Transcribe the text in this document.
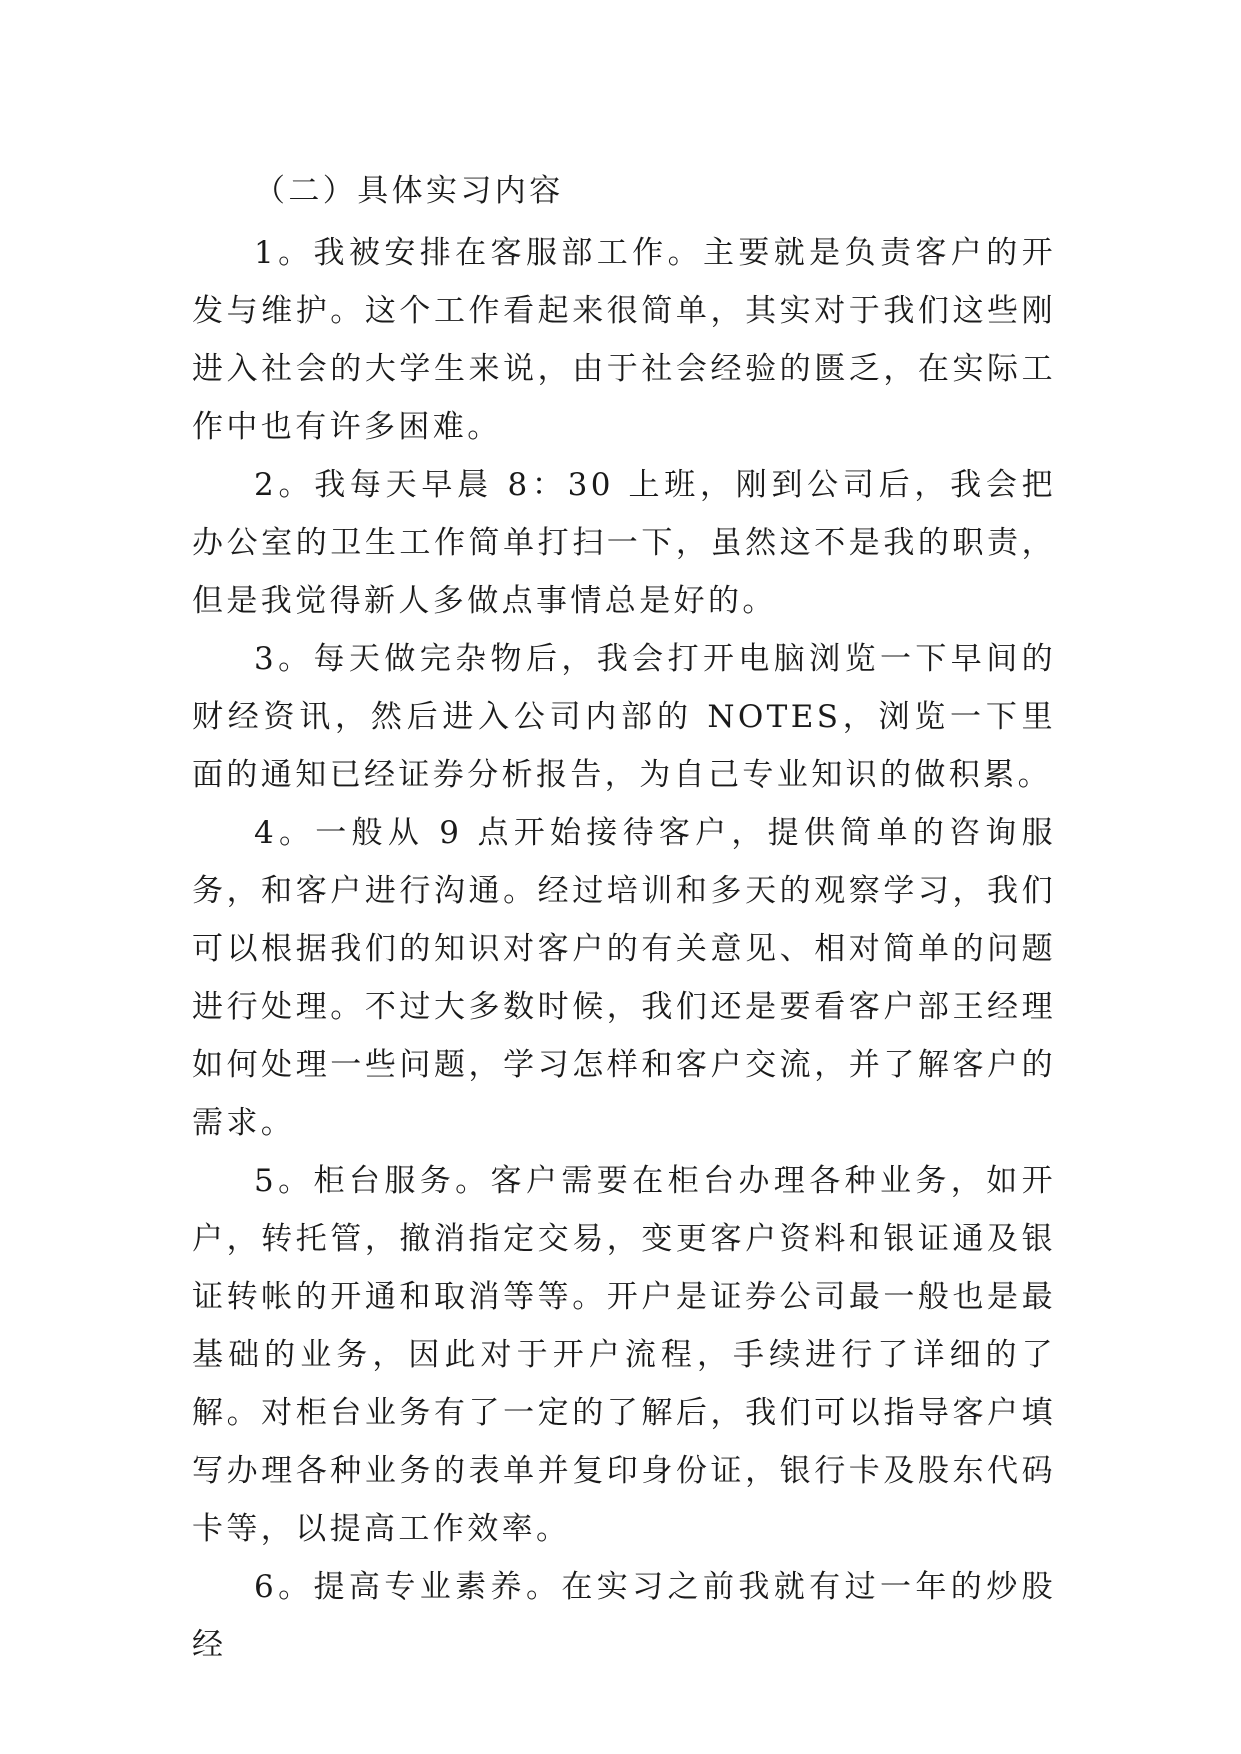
（二）具体实习内容

1。我被安排在客服部工作。主要就是负责客户的开发与维护。这个工作看起来很简单，其实对于我们这些刚进入社会的大学生来说，由于社会经验的匮乏，在实际工作中也有许多困难。

2。我每天早晨 8：30 上班，刚到公司后，我会把办公室的卫生工作简单打扫一下，虽然这不是我的职责，但是我觉得新人多做点事情总是好的。

3。每天做完杂物后，我会打开电脑浏览一下早间的财经资讯，然后进入公司内部的 NOTES，浏览一下里面的通知已经证券分析报告，为自己专业知识的做积累。

4。一般从 9 点开始接待客户，提供简单的咨询服务，和客户进行沟通。经过培训和多天的观察学习，我们可以根据我们的知识对客户的有关意见、相对简单的问题进行处理。不过大多数时候，我们还是要看客户部王经理如何处理一些问题，学习怎样和客户交流，并了解客户的需求。

5。柜台服务。客户需要在柜台办理各种业务，如开户，转托管，撤消指定交易，变更客户资料和银证通及银证转帐的开通和取消等等。开户是证券公司最一般也是最基础的业务，因此对于开户流程，手续进行了详细的了解。对柜台业务有了一定的了解后，我们可以指导客户填写办理各种业务的表单并复印身份证，银行卡及股东代码卡等，以提高工作效率。

6。提高专业素养。在实习之前我就有过一年的炒股经
